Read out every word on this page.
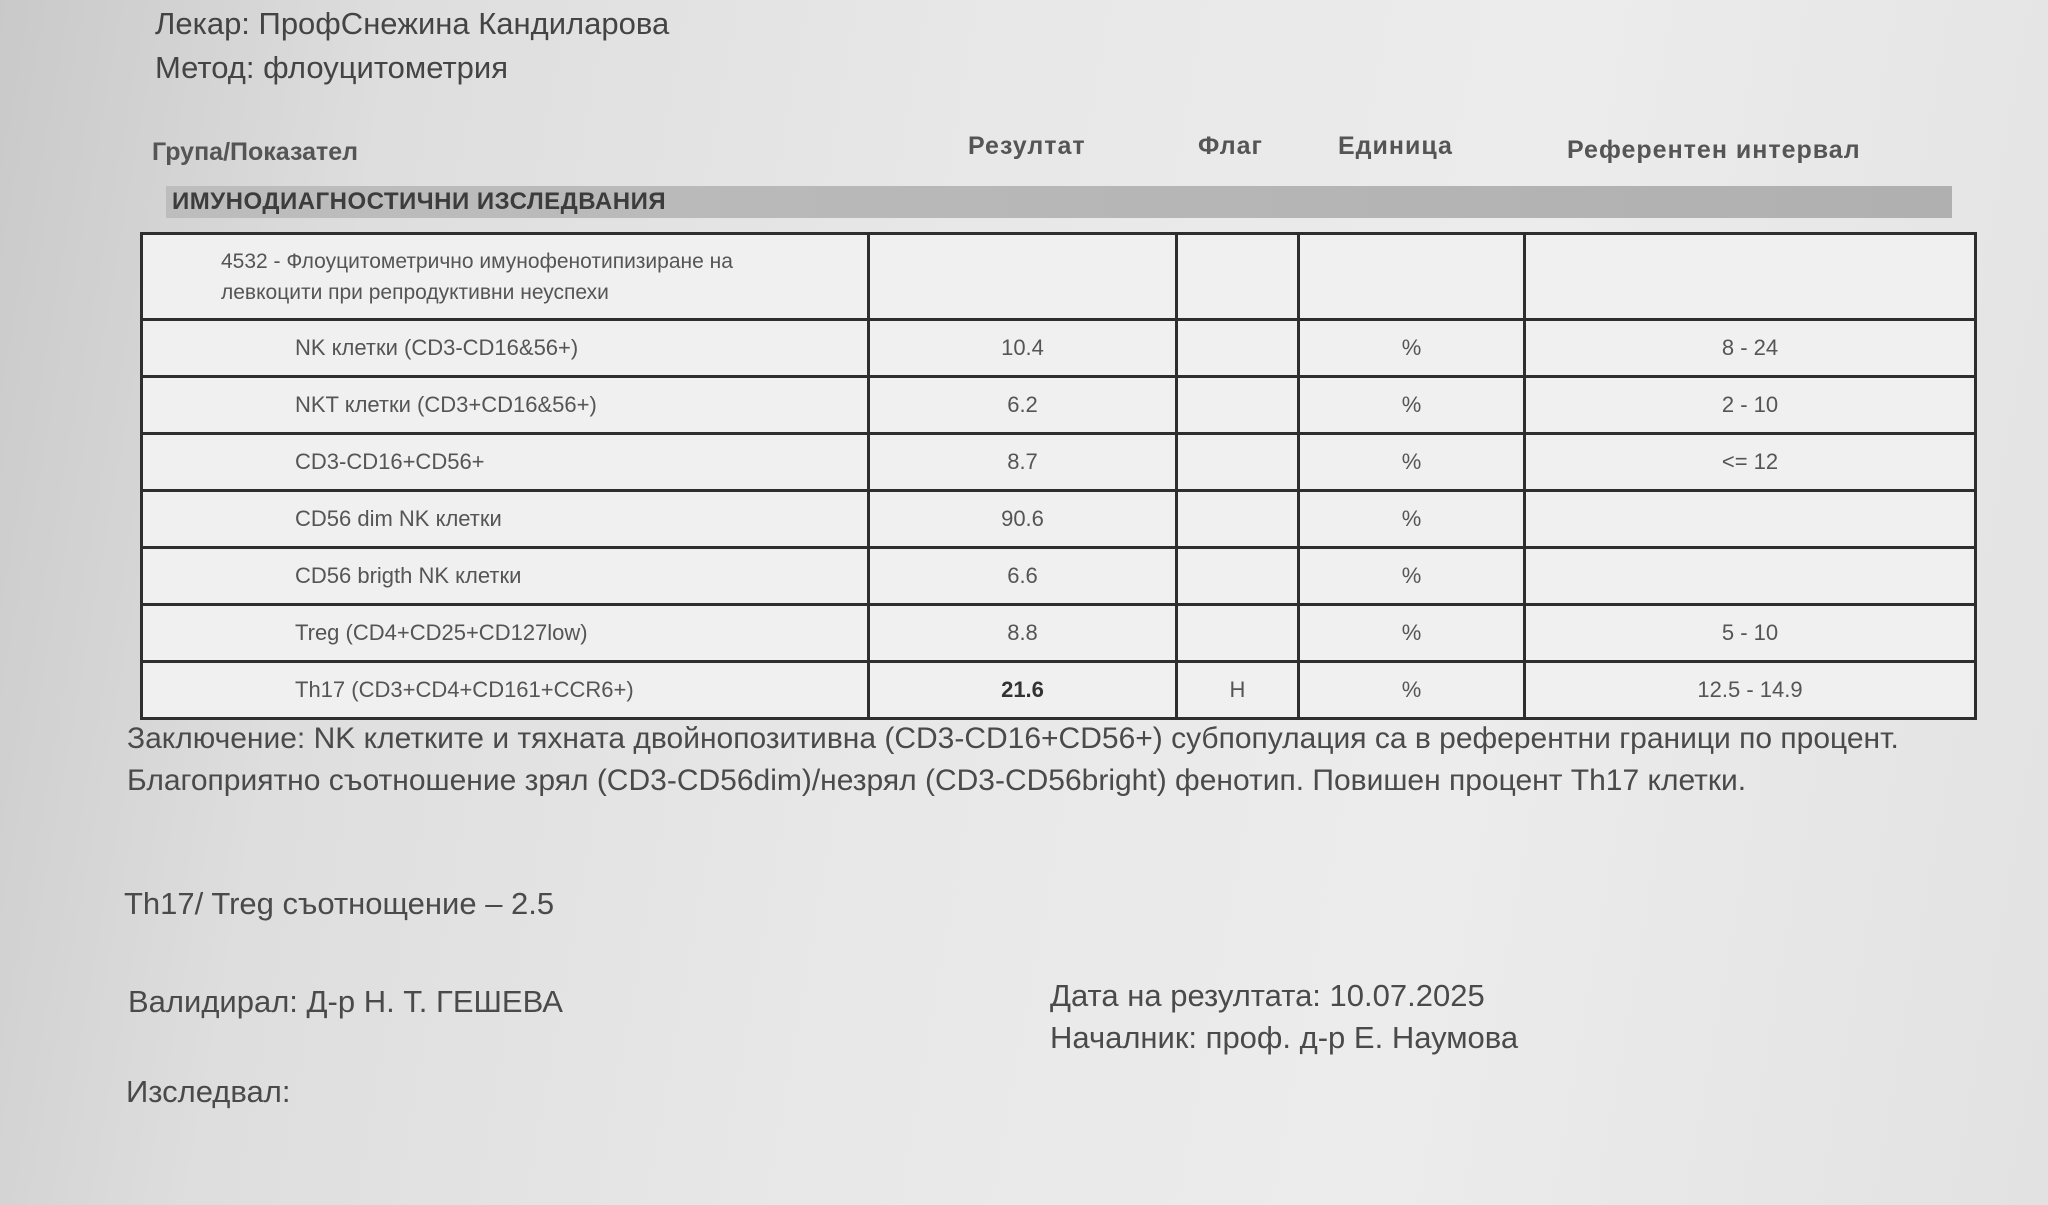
Лекар: ПрофСнежина Кандиларова
Метод: флоуцитометрия
Група/Показател	Резултат	Флаг	Единица	Референтен интервал
ИМУНОДИАГНОСТИЧНИ ИЗСЛЕДВАНИЯ
4532 - Флоуцитометрично имунофенотипизиране на
левкоцити при репродуктивни неуспехи				

NK клетки (CD3-CD16&56+)	10.4		%	8 - 24
NKT клетки (CD3+CD16&56+)	6.2		%	2 - 10
CD3-CD16+CD56+	8.7		%	<= 12
CD56 dim NK клетки	90.6		%	
CD56 brigth NK клетки	6.6		%	
Treg (CD4+CD25+CD127low)	8.8		%	5 - 10
Th17 (CD3+CD4+CD161+CCR6+)	21.6	H	%	12.5 - 14.9
Заключение: NK клетките и тяхната двойнопозитивна (CD3-CD16+CD56+) субпопулация са в референтни граници по процент. Благоприятно съотношение зрял (CD3-CD56dim)/незрял (CD3-CD56bright) фенотип. Повишен процент Th17 клетки.
Th17/ Treg съотнощение – 2.5
Валидирал: Д-р Н. Т. ГЕШЕВА	Дата на резултата: 10.07.2025
Началник: проф. д-р Е. Наумова
Изследвал:
